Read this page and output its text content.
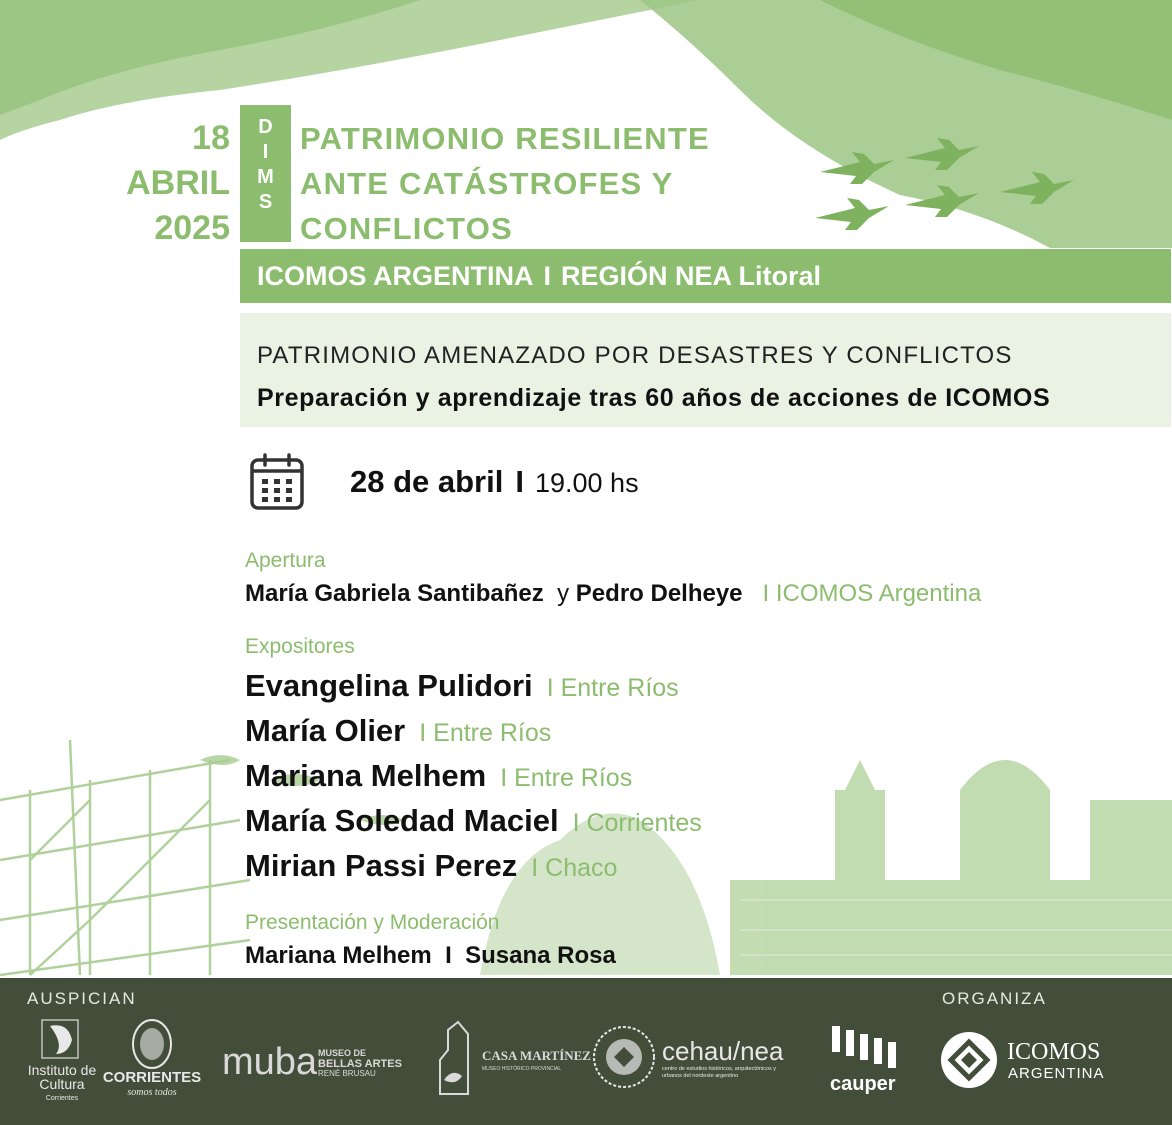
18
ABRIL
2025
D
I
M
S
PATRIMONIO RESILIENTE
ANTE CATÁSTROFES Y
CONFLICTOS
ICOMOS ARGENTINA I REGIÓN NEA Litoral
PATRIMONIO AMENAZADO POR DESASTRES Y CONFLICTOS
Preparación y aprendizaje tras 60 años de acciones de ICOMOS
28 de abril I 19.00 hs
Apertura
María Gabriela Santibañez y Pedro Delheye I ICOMOS Argentina
Expositores
Evangelina Pulidori I Entre Ríos
María Olier I Entre Ríos
Mariana Melhem I Entre Ríos
María Soledad Maciel I Corrientes
Mirian Passi Perez I Chaco
Presentación y Moderación
Mariana Melhem I Susana Rosa
AUSPICIAN	ORGANIZA
Instituto de
Cultura
Corrientes
CORRIENTES
somos todos
muba MUSEO DE
BELLAS ARTES
RENÉ BRUSAU
CASA MARTÍNEZ
MUSEO HISTÓRICO PROVINCIAL
cehau/nea
centro de estudios históricos, arquitectónicos y
urbanos del nordeste argentino	cauper
ICOMOS
ARGENTINA
